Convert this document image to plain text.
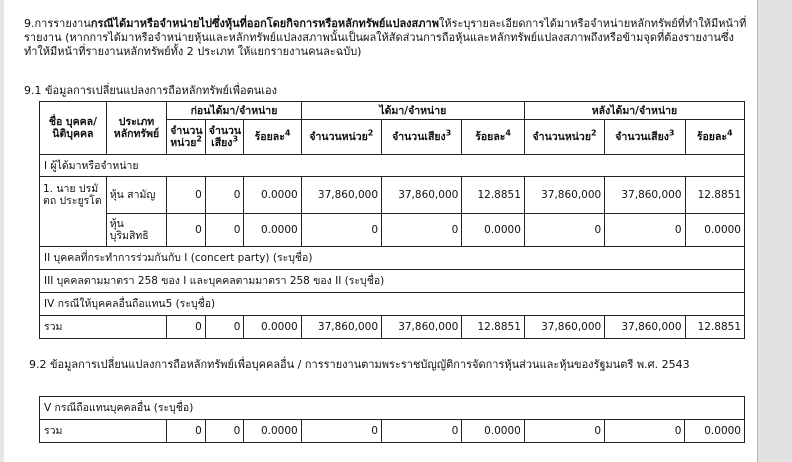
9.การรายงานกรณีได้มาหรือจำหน่ายไปซึ่งหุ้นที่ออกโดยกิจการหรือหลักทรัพย์แปลงสภาพให้ระบุรายละเอียดการได้มาหรือจำหน่ายหลักทรัพย์ที่ทำให้มีหน้าที่รายงาน (หากการได้มาหรือจำหน่ายหุ้นและหลักทรัพย์แปลงสภาพนั้นเป็นผลให้สัดส่วนการถือหุ้นและหลักทรัพย์แปลงสภาพถึงหรือข้ามจุดที่ต้องรายงานซึ่งทำให้มีหน้าที่รายงานหลักทรัพย์ทั้ง 2 ประเภท ให้แยกรายงานคนละฉบับ)
9.1 ข้อมูลการเปลี่ยนแปลงการถือหลักทรัพย์เพื่อตนเอง
ชื่อ บุคคล/นิติบุคคล	ประเภท หลักทรัพย์	ก่อนได้มา/จำหน่าย			ได้มา/จำหน่าย			หลังได้มา/จำหน่าย		
		จำนวนหน่วย$^2$	จำนวนเสียง$^3$	ร้อยละ$^4$	จำนวนหน่วย$^2$	จำนวนเสียง$^3$	ร้อยละ$^4$	จำนวนหน่วย$^2$	จำนวนเสียง$^3$	ร้อยละ$^4$
I ผู้ได้มาหรือจำหน่าย										
1. นาย ปรมัตถ ประยูรโต	หุ้น สามัญ	0	0	0.0000	37,860,000	37,860,000	12.8851	37,860,000	37,860,000	12.8851
	หุ้น บุริมสิทธิ	0	0	0.0000	0	0	0.0000	0	0	0.0000
II บุคคลที่กระทำการร่วมกันกับ I (concert party) (ระบุชื่อ)										
III บุคคลตามมาตรา 258 ของ I และบุคคลตามมาตรา 258 ของ II (ระบุชื่อ)										
IV กรณีให้บุคคลอื่นถือแทน5 (ระบุชื่อ)										
รวม		0	0	0.0000	37,860,000	37,860,000	12.8851	37,860,000	37,860,000	12.8851
9.2 ข้อมูลการเปลี่ยนแปลงการถือหลักทรัพย์เพื่อบุคคลอื่น / การรายงานตามพระราชบัญญัติการจัดการหุ้นส่วนและหุ้นของรัฐมนตรี พ.ศ. 2543
V กรณีถือแทนบุคคลอื่น (ระบุชื่อ)
รวม	0	0	0.0000	0	0	0.0000	0	0	0.0000
